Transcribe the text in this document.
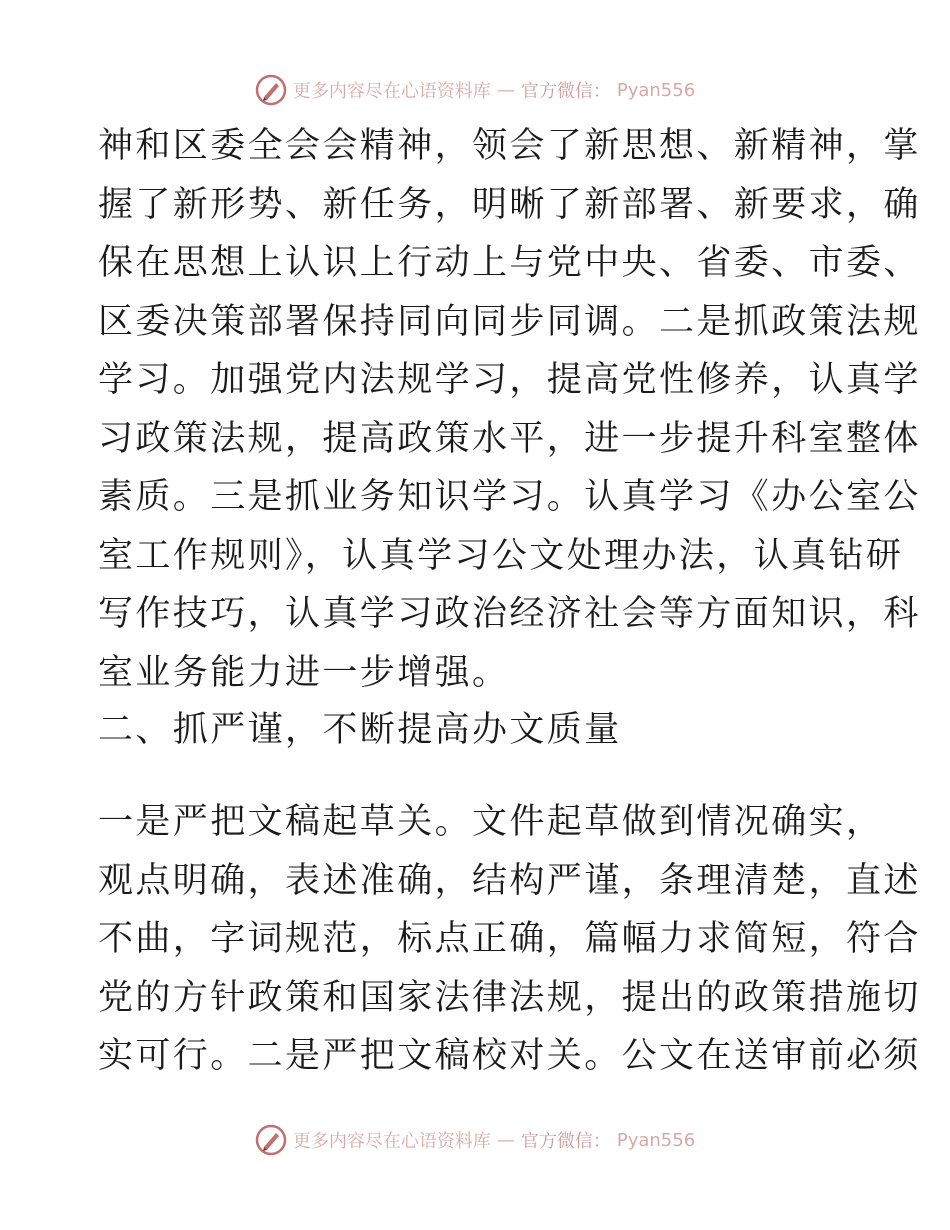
更多内容尽在心语资料库 — 官方微信： Pyan556
神和区委全会会精神，领会了新思想、新精神，掌
握了新形势、新任务，明晰了新部署、新要求，确
保在思想上认识上行动上与党中央、省委、市委、
区委决策部署保持同向同步同调。二是抓政策法规
学习。加强党内法规学习，提高党性修养，认真学
习政策法规，提高政策水平，进一步提升科室整体
素质。三是抓业务知识学习。认真学习《办公室公
室工作规则》，认真学习公文处理办法，认真钻研
写作技巧，认真学习政治经济社会等方面知识，科
室业务能力进一步增强。
二、抓严谨，不断提高办文质量
一是严把文稿起草关。文件起草做到情况确实，
观点明确，表述准确，结构严谨，条理清楚，直述
不曲，字词规范，标点正确，篇幅力求简短，符合
党的方针政策和国家法律法规，提出的政策措施切
实可行。二是严把文稿校对关。公文在送审前必须
更多内容尽在心语资料库 — 官方微信： Pyan556
